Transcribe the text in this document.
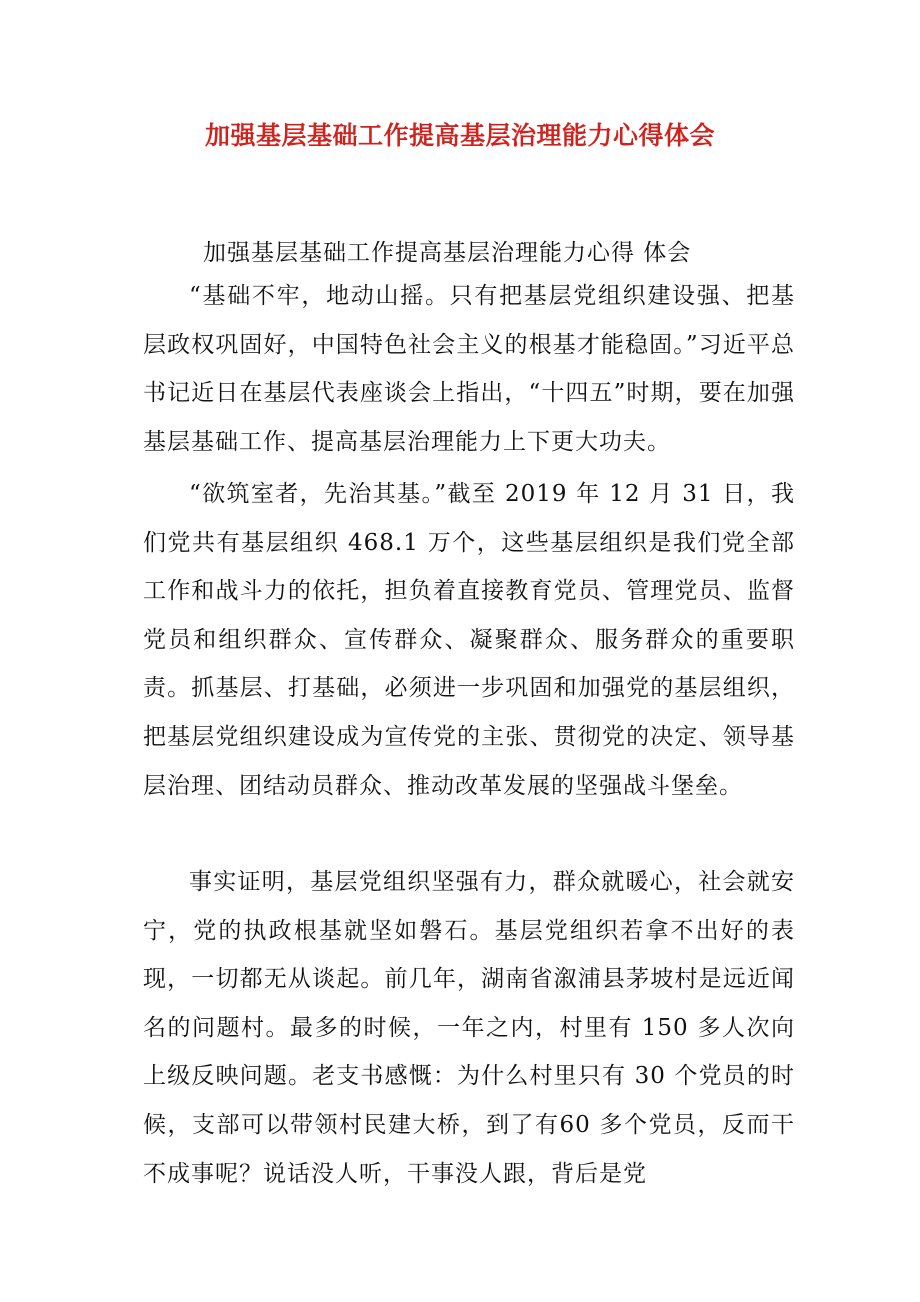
加强基层基础工作提高基层治理能力心得体会
加强基层基础工作提高基层治理能力心得 体会

“基础不牢，地动山摇。只有把基层党组织建设强、把基层政权巩固好，中国特色社会主义的根基才能稳固。”习近平总书记近日在基层代表座谈会上指出，“十四五”时期，要在加强基层基础工作、提高基层治理能力上下更大功夫。

“欲筑室者，先治其基。”截至 2019 年 12 月 31 日，我们党共有基层组织 468.1 万个，这些基层组织是我们党全部工作和战斗力的依托，担负着直接教育党员、管理党员、监督党员和组织群众、宣传群众、凝聚群众、服务群众的重要职责。抓基层、打基础，必须进一步巩固和加强党的基层组织，把基层党组织建设成为宣传党的主张、贯彻党的决定、领导基层治理、团结动员群众、推动改革发展的坚强战斗堡垒。

事实证明，基层党组织坚强有力，群众就暖心，社会就安宁，党的执政根基就坚如磐石。基层党组织若拿不出好的表现，一切都无从谈起。前几年，湖南省溆浦县茅坡村是远近闻名的问题村。最多的时候，一年之内，村里有 150 多人次向上级反映问题。老支书感慨：为什么村里只有 30 个党员的时候，支部可以带领村民建大桥，到了有60 多个党员，反而干不成事呢？说话没人听，干事没人跟，背后是党
